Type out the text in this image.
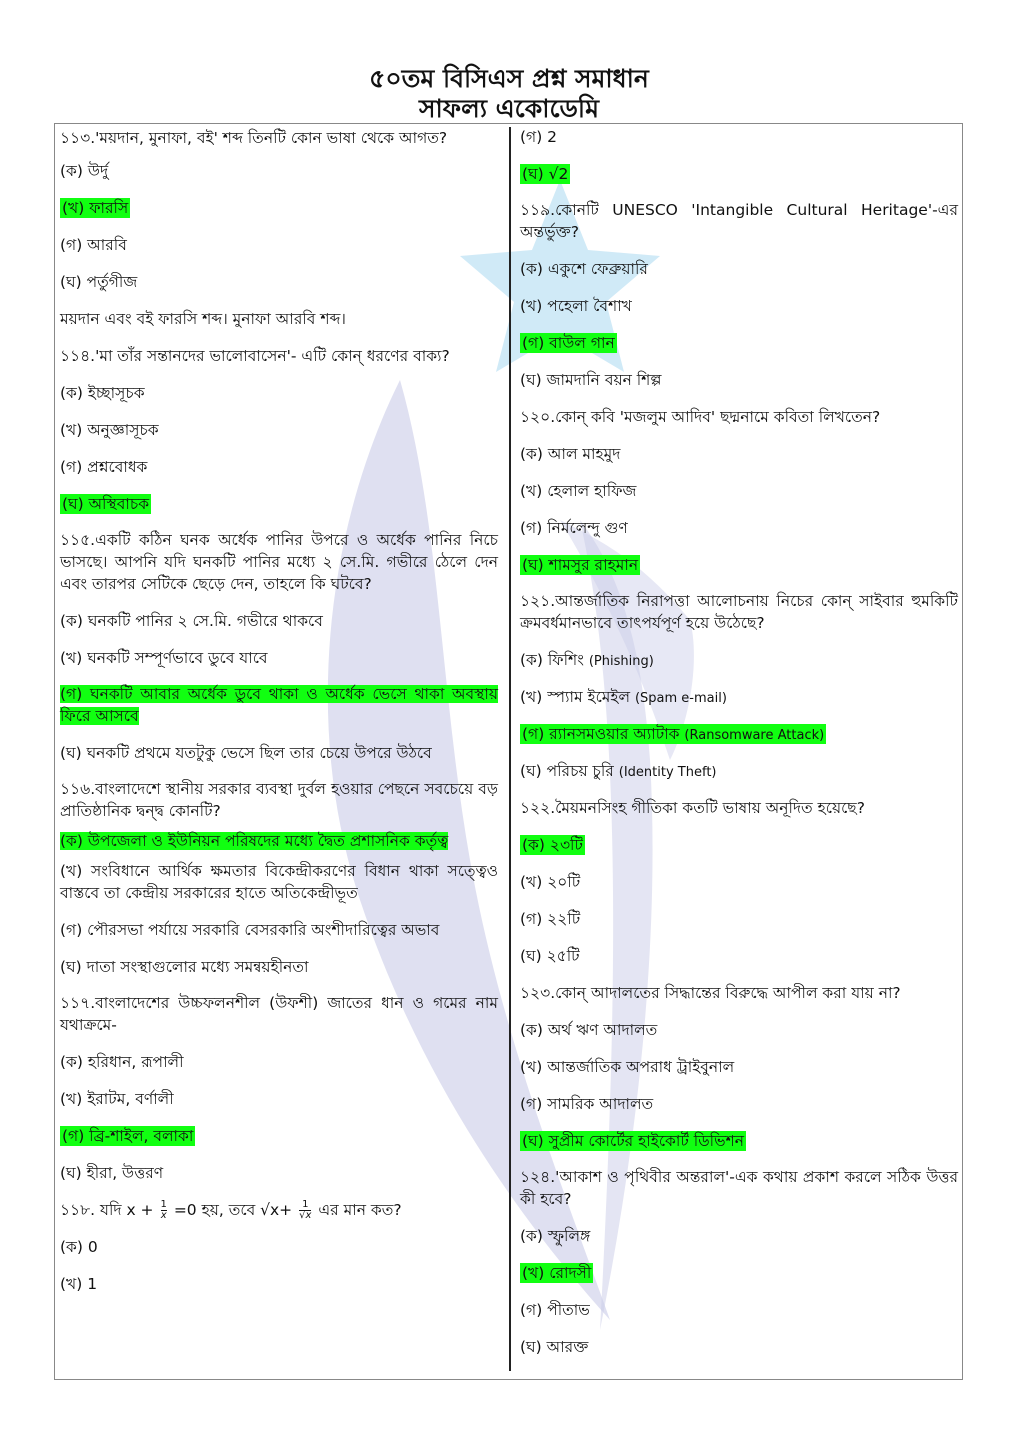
৫০তম বিসিএস প্রশ্ন সমাধান
সাফল্য একোডেমি
১১৩.'ময়দান, মুনাফা, বই' শব্দ তিনটি কোন ভাষা থেকে আগত?
(ক) উর্দু
(খ) ফারসি
(গ) আরবি
(ঘ) পর্তুগীজ
ময়দান এবং বই ফারসি শব্দ। মুনাফা আরবি শব্দ।
১১৪.'মা তাঁর সন্তানদের ভালোবাসেন'- এটি কোন্ ধরণের বাক্য?
(ক) ইচ্ছাসূচক
(খ) অনুজ্ঞাসূচক
(গ) প্রশ্নবোধক
(ঘ) অস্থিবাচক
১১৫.একটি কঠিন ঘনক অর্ধেক পানির উপরে ও অর্ধেক পানির নিচে ভাসছে। আপনি যদি ঘনকটি পানির মধ্যে ২ সে.মি. গভীরে ঠেলে দেন এবং তারপর সেটিকে ছেড়ে দেন, তাহলে কি ঘটবে?
(ক) ঘনকটি পানির ২ সে.মি. গভীরে থাকবে
(খ) ঘনকটি সম্পূর্ণভাবে ডুবে যাবে
(গ) ঘনকটি আবার অর্ধেক ডুবে থাকা ও অর্ধেক ভেসে থাকা অবস্থায় ফিরে আসবে
(ঘ) ঘনকটি প্রথমে যতটুকু ভেসে ছিল তার চেয়ে উপরে উঠবে
১১৬.বাংলাদেশে স্থানীয় সরকার ব্যবস্থা দুর্বল হওয়ার পেছনে সবচেয়ে বড় প্রাতিষ্ঠানিক দ্বন্দ্ব কোনটি?
(ক) উপজেলা ও ইউনিয়ন পরিষদের মধ্যে দ্বৈত প্রশাসনিক কর্তৃত্ব
(খ) সংবিধানে আর্থিক ক্ষমতার বিকেন্দ্রীকরণের বিধান থাকা সত্ত্বেও বাস্তবে তা কেন্দ্রীয় সরকারের হাতে অতিকেন্দ্রীভূত
(গ) পৌরসভা পর্যায়ে সরকারি বেসরকারি অংশীদারিত্বের অভাব
(ঘ) দাতা সংস্থাগুলোর মধ্যে সমন্বয়হীনতা
১১৭.বাংলাদেশের উচ্চফলনশীল (উফশী) জাতের ধান ও গমের নাম যথাক্রমে-
(ক) হরিধান, রূপালী
(খ) ইরাটম, বর্ণালী
(গ) ব্রি-শাইল, বলাকা
(ঘ) হীরা, উত্তরণ
১১৮. যদি $x + \frac{1}{x} =0$ হয়, তবে $√x+ \frac{1}{√x}$ এর মান কত?
(ক) 0
(খ) 1
(গ) 2
(ঘ) √2
১১৯.কোনটি UNESCO 'Intangible Cultural Heritage'-এর অন্তর্ভুক্ত?
(ক) একুশে ফেব্রুয়ারি
(খ) পহেলা বৈশাখ
(গ) বাউল গান
(ঘ) জামদানি বয়ন শিল্প
১২০.কোন্ কবি 'মজলুম আদিব' ছদ্মনামে কবিতা লিখতেন?
(ক) আল মাহমুদ
(খ) হেলাল হাফিজ
(গ) নির্মলেন্দু গুণ
(ঘ) শামসুর রাহমান
১২১.আন্তর্জাতিক নিরাপত্তা আলোচনায় নিচের কোন্ সাইবার হুমকিটি ক্রমবর্ধমানভাবে তাৎপর্যপূর্ণ হয়ে উঠেছে?
(ক) ফিশিং (Phishing)
(খ) স্প্যাম ইমেইল (Spam e-mail)
(গ) র‍্যানসমওয়ার অ্যাটাক (Ransomware Attack)
(ঘ) পরিচয় চুরি (Identity Theft)
১২২.মৈয়মনসিংহ গীতিকা কতটি ভাষায় অনূদিত হয়েছে?
(ক) ২৩টি
(খ) ২০টি
(গ) ২২টি
(ঘ) ২৫টি
১২৩.কোন্ আদালতের সিদ্ধান্তের বিরুদ্ধে আপীল করা যায় না?
(ক) অর্থ ঋণ আদালত
(খ) আন্তর্জাতিক অপরাধ ট্রাইবুনাল
(গ) সামরিক আদালত
(ঘ) সুপ্রীম কোর্টের হাইকোর্ট ডিভিশন
১২৪.'আকাশ ও পৃথিবীর অন্তরাল'-এক কথায় প্রকাশ করলে সঠিক উত্তর কী হবে?
(ক) স্ফুলিঙ্গ
(খ) রোদসী
(গ) পীতাভ
(ঘ) আরক্ত
